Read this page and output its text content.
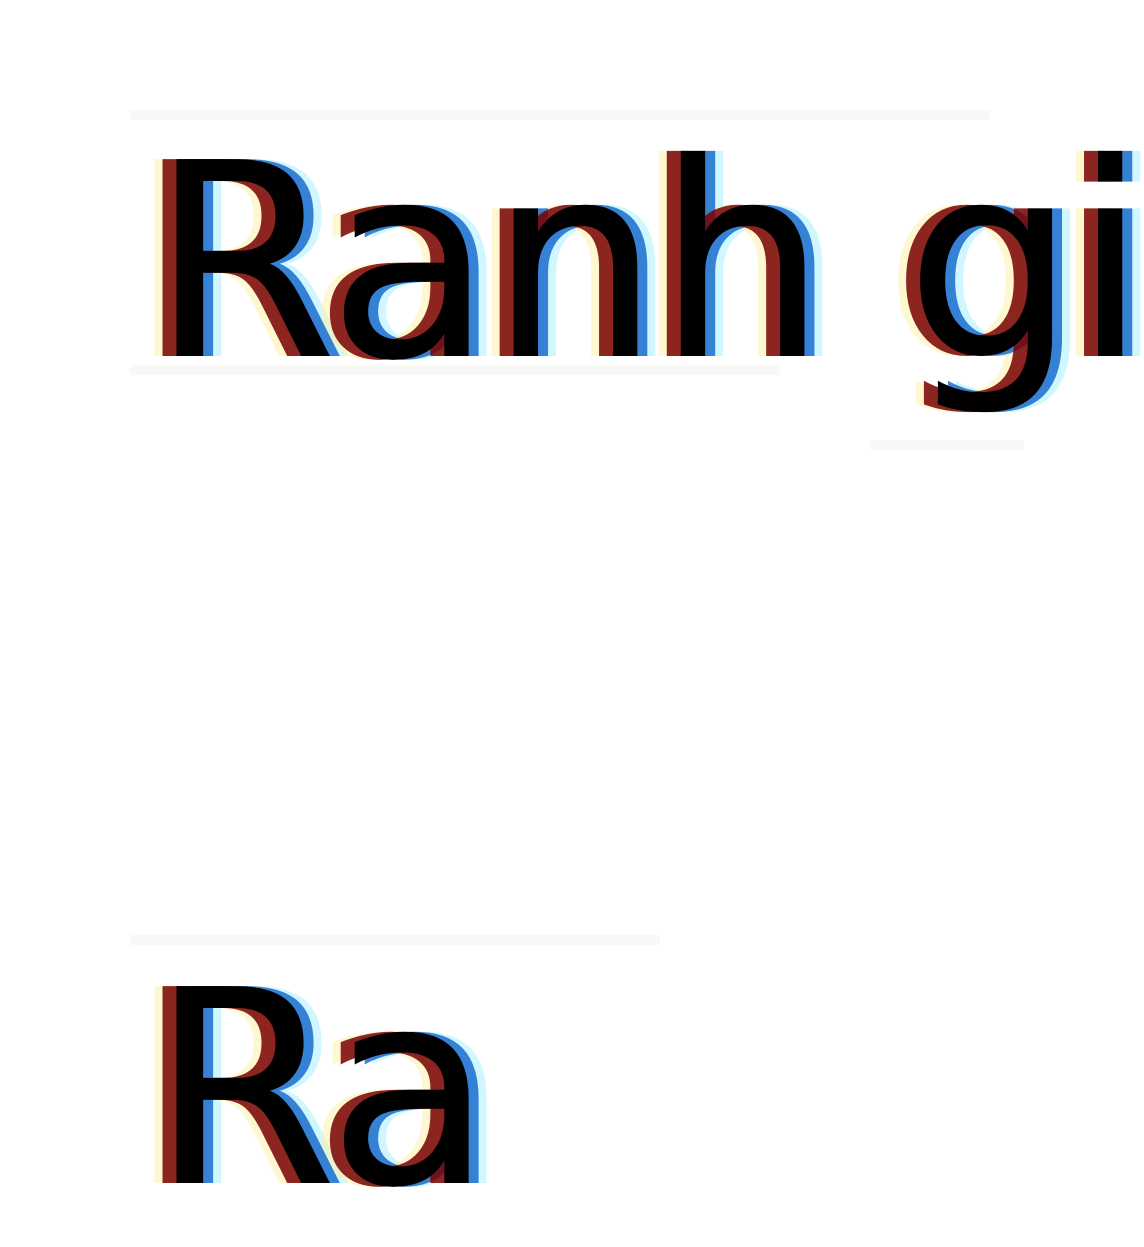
Ranh gi
Ra
